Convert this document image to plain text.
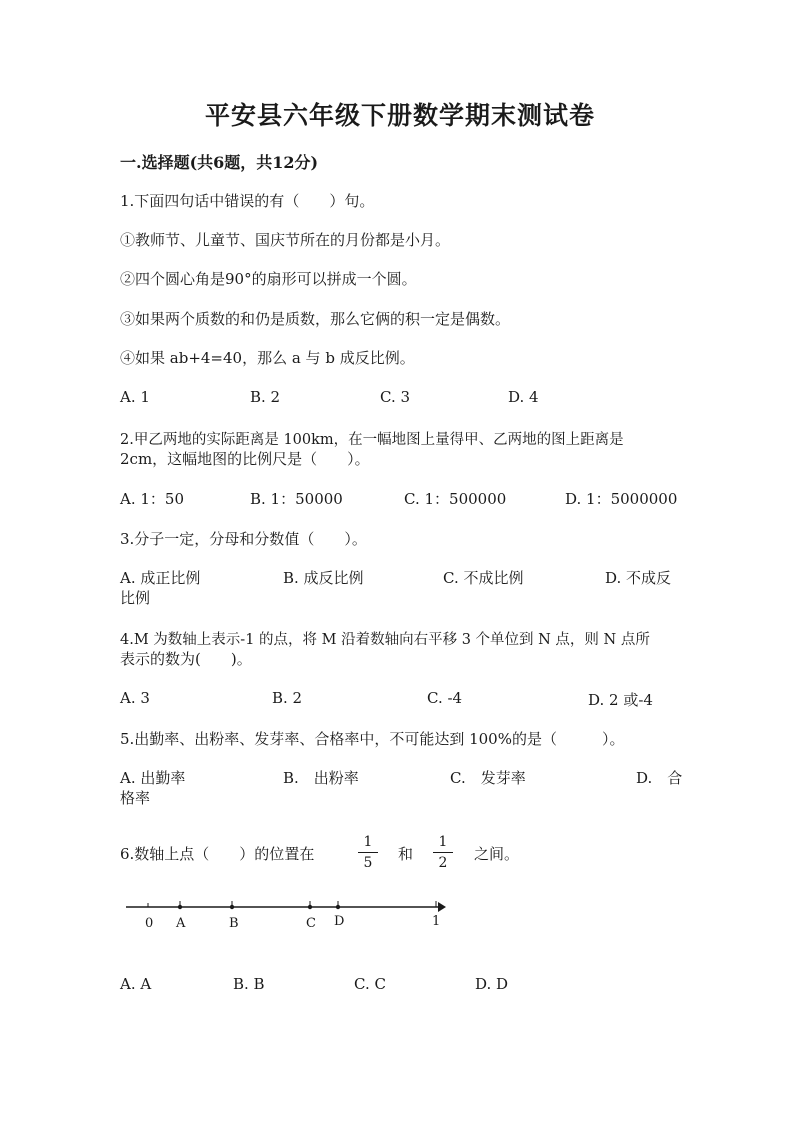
平安县六年级下册数学期末测试卷
一.选择题(共6题，共12分)
1.下面四句话中错误的有（　　）句。
①教师节、儿童节、国庆节所在的月份都是小月。
②四个圆心角是90°的扇形可以拼成一个圆。
③如果两个质数的和仍是质数，那么它俩的积一定是偶数。
④如果 ab+4=40，那么 a 与 b 成反比例。
A. 1	B. 2	C. 3	D. 4
2.甲乙两地的实际距离是 100km，在一幅地图上量得甲、乙两地的图上距离是
2cm，这幅地图的比例尺是（　　）。
A. 1：50	B. 1：50000	C. 1：500000	D. 1：5000000
3.分子一定，分母和分数值（　　）。
A. 成正比例	B. 成反比例	C. 不成比例	D. 不成反
比例
4.M 为数轴上表示-1 的点，将 M 沿着数轴向右平移 3 个单位到 N 点，则 N 点所
表示的数为(　　)。
A. 3	B. 2	C. -4	D. 2 或-4
5.出勤率、出粉率、发芽率、合格率中，不可能达到 100%的是（　　　）。
A. 出勤率	B.　出粉率	C.　发芽率	D.　合
格率
6.数轴上点（　　）的位置在
1
5	和
1
2	之间。
0 A	B	C D	1
A. A	B. B	C. C	D. D
